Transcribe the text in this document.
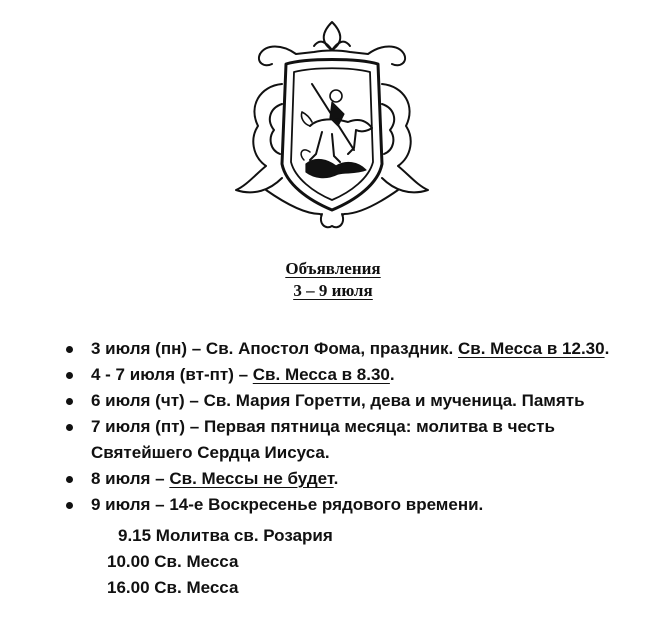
Объявления
3 – 9 июля
3 июля (пн) – Св. Апостол Фома, праздник. Св. Месса в 12.30.
4 - 7 июля (вт-пт) – Св. Месса в 8.30.
6 июля (чт) – Св. Мария Горетти, дева и мученица. Память
7 июля (пт) – Первая пятница месяца: молитва в честь
Святейшего Сердца Иисуса.
8 июля – Св. Мессы не будет.
9 июля – 14-е Воскресенье рядового времени.
9.15 Молитва св. Розария
10.00 Св. Месса
16.00 Св. Месса
